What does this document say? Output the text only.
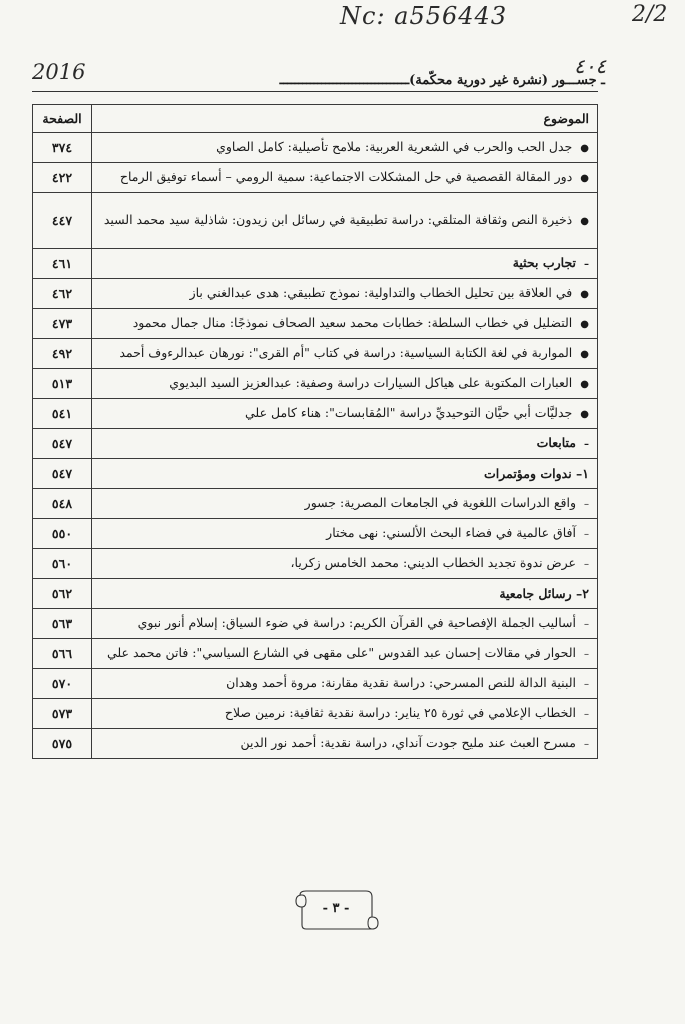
Nc: a556443	2/2
2016	٤٠٤
ـ جســـور (نشرة غير دورية محكّمة)ــــــــــــــــــــــــــــــــــ
الموضوع	الصفحة
●جدل الحب والحرب في الشعرية العربية: ملامح تأصيلية: كامل الصاوي	٣٧٤
●دور المقالة القصصية في حل المشكلات الاجتماعية: سمية الرومي – أسماء توفيق الرماح	٤٢٢
●ذخيرة النص وثقافة المتلقي: دراسة تطبيقية في رسائل ابن زيدون: شاذلية سيد محمد السيد	٤٤٧
–تجارب بحثية	٤٦١
●في العلاقة بين تحليل الخطاب والتداولية: نموذج تطبيقي: هدى عبدالغني باز	٤٦٢
●التضليل في خطاب السلطة: خطابات محمد سعيد الصحاف نموذجًا: منال جمال محمود	٤٧٣
●المواربة في لغة الكتابة السياسية: دراسة في كتاب "أم القرى": نورهان عبدالرءوف أحمد	٤٩٢
●العبارات المكتوبة على هياكل السيارات دراسة وصفية: عبدالعزيز السيد البديوي	٥١٣
●جدليَّات أبي حيَّان التوحيديِّ دراسة "المُقابسات": هناء كامل علي	٥٤١
–متابعات	٥٤٧
١– ندوات ومؤتمرات	٥٤٧
–واقع الدراسات اللغوية في الجامعات المصرية: جسور	٥٤٨
–آفاق عالمية في فضاء البحث الألسني: نهى مختار	٥٥٠
–عرض ندوة تجديد الخطاب الديني: محمد الخامس زكريا،	٥٦٠
٢– رسائل جامعية	٥٦٢
–أساليب الجملة الإفصاحية في القرآن الكريم: دراسة في ضوء السياق: إسلام أنور نبوي	٥٦٣
–الحوار في مقالات إحسان عبد القدوس "على مقهى في الشارع السياسي": فاتن محمد علي	٥٦٦
–البنية الدالة للنص المسرحي: دراسة نقدية مقارنة: مروة أحمد وهدان	٥٧٠
–الخطاب الإعلامي في ثورة ٢٥ يناير: دراسة نقدية ثقافية: نرمين صلاح	٥٧٣
–مسرح العبث عند مليح جودت آنداي، دراسة نقدية: أحمد نور الدين	٥٧٥
- ٣ -
